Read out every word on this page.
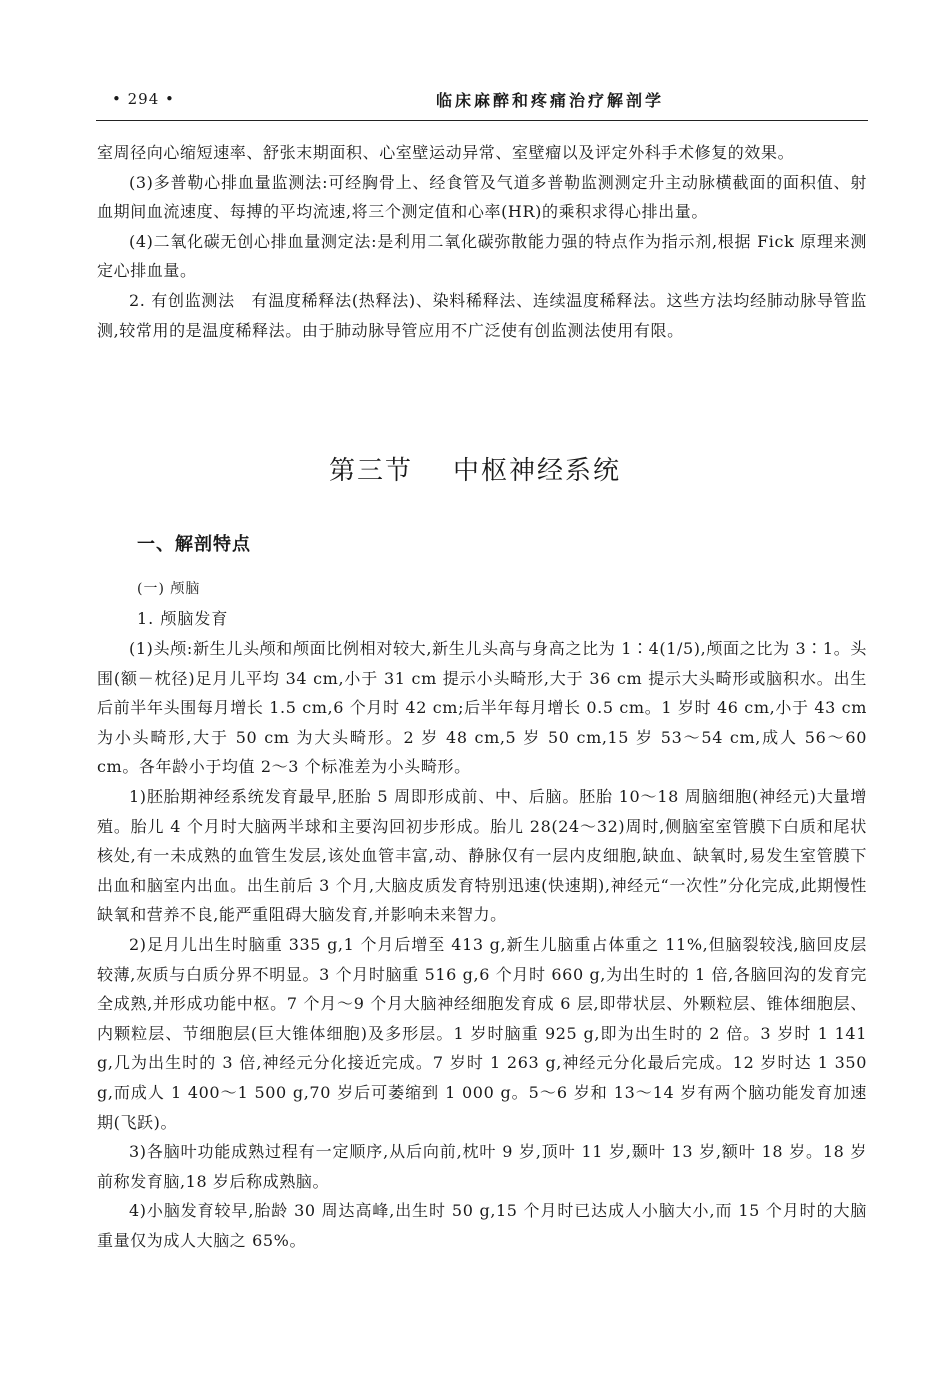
• 294 •	临床麻醉和疼痛治疗解剖学

室周径向心缩短速率、舒张末期面积、心室壁运动异常、室壁瘤以及评定外科手术修复的效果。

(3)多普勒心排血量监测法:可经胸骨上、经食管及气道多普勒监测测定升主动脉横截面的面积值、射血期间血流速度、每搏的平均流速,将三个测定值和心率(HR)的乘积求得心排出量。

(4)二氧化碳无创心排血量测定法:是利用二氧化碳弥散能力强的特点作为指示剂,根据 Fick 原理来测定心排血量。

2. 有创监测法　有温度稀释法(热释法)、染料稀释法、连续温度稀释法。这些方法均经肺动脉导管监测,较常用的是温度稀释法。由于肺动脉导管应用不广泛使有创监测法使用有限。

第三节 中枢神经系统
一、解剖特点
(一) 颅脑
1. 颅脑发育

(1)头颅:新生儿头颅和颅面比例相对较大,新生儿头高与身高之比为 1∶4(1/5),颅面之比为 3∶1。头围(额－枕径)足月儿平均 34 cm,小于 31 cm 提示小头畸形,大于 36 cm 提示大头畸形或脑积水。出生后前半年头围每月增长 1.5 cm,6 个月时 42 cm;后半年每月增长 0.5 cm。1 岁时 46 cm,小于 43 cm 为小头畸形,大于 50 cm 为大头畸形。2 岁 48 cm,5 岁 50 cm,15 岁 53～54 cm,成人 56～60 cm。各年龄小于均值 2～3 个标准差为小头畸形。

1)胚胎期神经系统发育最早,胚胎 5 周即形成前、中、后脑。胚胎 10～18 周脑细胞(神经元)大量增殖。胎儿 4 个月时大脑两半球和主要沟回初步形成。胎儿 28(24～32)周时,侧脑室室管膜下白质和尾状核处,有一未成熟的血管生发层,该处血管丰富,动、静脉仅有一层内皮细胞,缺血、缺氧时,易发生室管膜下出血和脑室内出血。出生前后 3 个月,大脑皮质发育特别迅速(快速期),神经元“一次性”分化完成,此期慢性缺氧和营养不良,能严重阻碍大脑发育,并影响未来智力。

2)足月儿出生时脑重 335 g,1 个月后增至 413 g,新生儿脑重占体重之 11%,但脑裂较浅,脑回皮层较薄,灰质与白质分界不明显。3 个月时脑重 516 g,6 个月时 660 g,为出生时的 1 倍,各脑回沟的发育完全成熟,并形成功能中枢。7 个月～9 个月大脑神经细胞发育成 6 层,即带状层、外颗粒层、锥体细胞层、内颗粒层、节细胞层(巨大锥体细胞)及多形层。1 岁时脑重 925 g,即为出生时的 2 倍。3 岁时 1 141 g,几为出生时的 3 倍,神经元分化接近完成。7 岁时 1 263 g,神经元分化最后完成。12 岁时达 1 350 g,而成人 1 400～1 500 g,70 岁后可萎缩到 1 000 g。5～6 岁和 13～14 岁有两个脑功能发育加速期(飞跃)。

3)各脑叶功能成熟过程有一定顺序,从后向前,枕叶 9 岁,顶叶 11 岁,颞叶 13 岁,额叶 18 岁。18 岁前称发育脑,18 岁后称成熟脑。

4)小脑发育较早,胎龄 30 周达高峰,出生时 50 g,15 个月时已达成人小脑大小,而 15 个月时的大脑重量仅为成人大脑之 65%。
